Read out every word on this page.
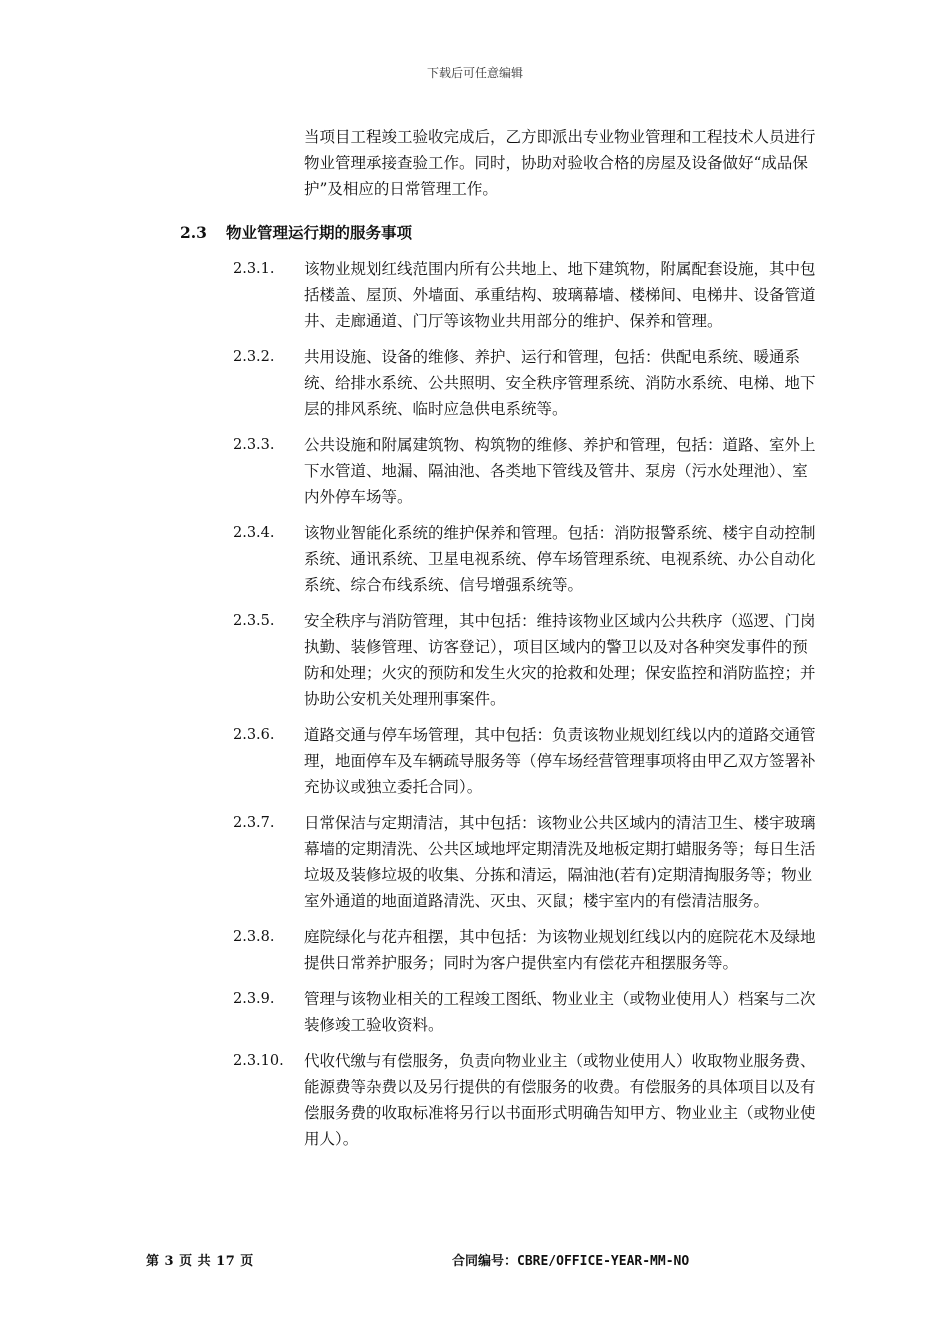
下载后可任意编辑
当项目工程竣工验收完成后，乙方即派出专业物业管理和工程技术人员进行物业管理承接查验工作。同时，协助对验收合格的房屋及设备做好“成品保护”及相应的日常管理工作。
2.3 物业管理运行期的服务事项
2.3.1.	该物业规划红线范围内所有公共地上、地下建筑物，附属配套设施，其中包括楼盖、屋顶、外墙面、承重结构、玻璃幕墙、楼梯间、电梯井、设备管道井、走廊通道、门厅等该物业共用部分的维护、保养和管理。
2.3.2.	共用设施、设备的维修、养护、运行和管理，包括：供配电系统、暖通系统、给排水系统、公共照明、安全秩序管理系统、消防水系统、电梯、地下层的排风系统、临时应急供电系统等。
2.3.3.	公共设施和附属建筑物、构筑物的维修、养护和管理，包括：道路、室外上下水管道、地漏、隔油池、各类地下管线及管井、泵房（污水处理池）、室内外停车场等。
2.3.4.	该物业智能化系统的维护保养和管理。包括：消防报警系统、楼宇自动控制系统、通讯系统、卫星电视系统、停车场管理系统、电视系统、办公自动化系统、综合布线系统、信号增强系统等。
2.3.5.	安全秩序与消防管理，其中包括：维持该物业区域内公共秩序（巡逻、门岗执勤、装修管理、访客登记），项目区域内的警卫以及对各种突发事件的预防和处理；火灾的预防和发生火灾的抢救和处理；保安监控和消防监控；并协助公安机关处理刑事案件。
2.3.6.	道路交通与停车场管理，其中包括：负责该物业规划红线以内的道路交通管理，地面停车及车辆疏导服务等（停车场经营管理事项将由甲乙双方签署补充协议或独立委托合同）。
2.3.7.	日常保洁与定期清洁，其中包括：该物业公共区域内的清洁卫生、楼宇玻璃幕墙的定期清洗、公共区域地坪定期清洗及地板定期打蜡服务等；每日生活垃圾及装修垃圾的收集、分拣和清运，隔油池(若有)定期清掏服务等；物业室外通道的地面道路清洗、灭虫、灭鼠；楼宇室内的有偿清洁服务。
2.3.8.	庭院绿化与花卉租摆，其中包括：为该物业规划红线以内的庭院花木及绿地提供日常养护服务；同时为客户提供室内有偿花卉租摆服务等。
2.3.9.	管理与该物业相关的工程竣工图纸、物业业主（或物业使用人）档案与二次装修竣工验收资料。
2.3.10.	代收代缴与有偿服务，负责向物业业主（或物业使用人）收取物业服务费、能源费等杂费以及另行提供的有偿服务的收费。有偿服务的具体项目以及有偿服务费的收取标准将另行以书面形式明确告知甲方、物业业主（或物业使用人）。
第 3 页 共 17 页	合同编号：CBRE/OFFICE-YEAR-MM-NO
